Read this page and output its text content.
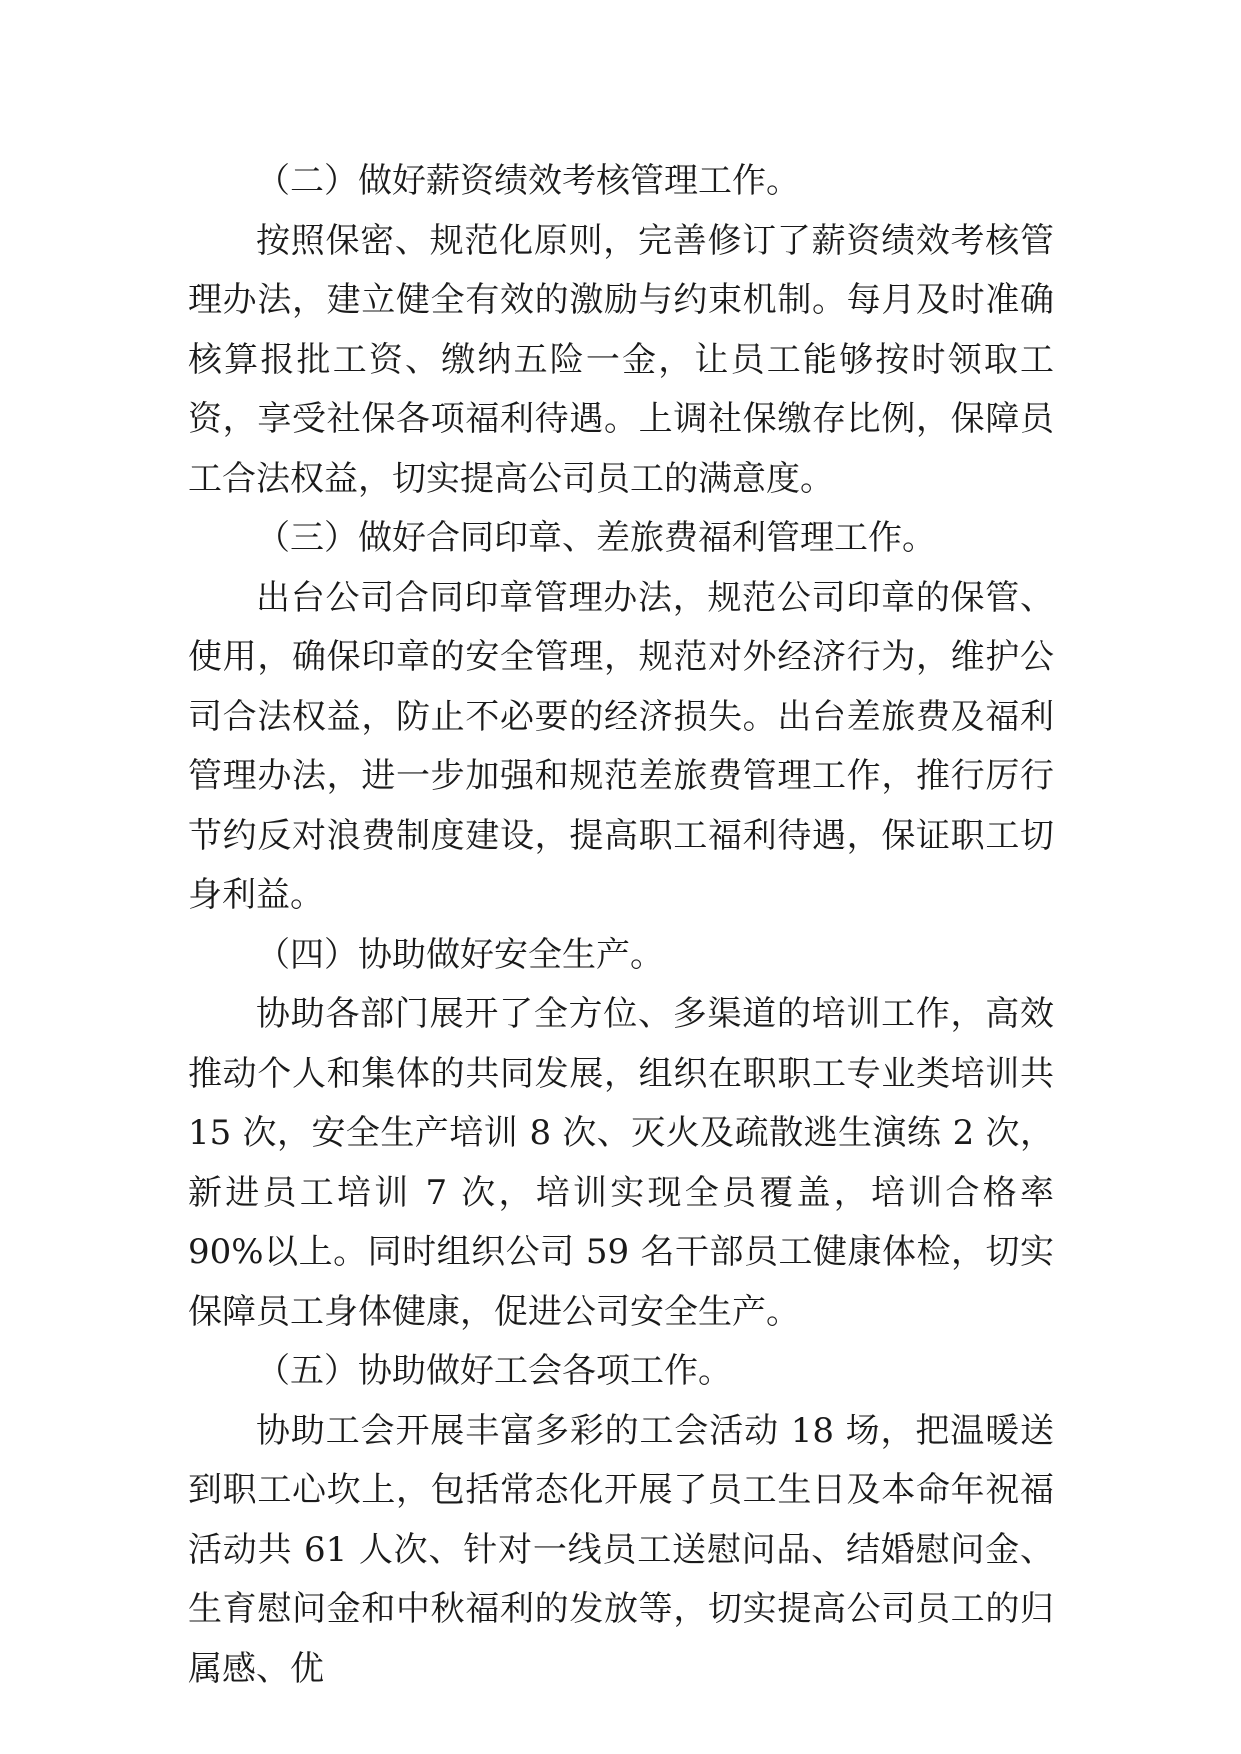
（二）做好薪资绩效考核管理工作。

按照保密、规范化原则，完善修订了薪资绩效考核管理办法，建立健全有效的激励与约束机制。每月及时准确核算报批工资、缴纳五险一金，让员工能够按时领取工资，享受社保各项福利待遇。上调社保缴存比例，保障员工合法权益，切实提高公司员工的满意度。

（三）做好合同印章、差旅费福利管理工作。

出台公司合同印章管理办法，规范公司印章的保管、使用，确保印章的安全管理，规范对外经济行为，维护公司合法权益，防止不必要的经济损失。出台差旅费及福利管理办法，进一步加强和规范差旅费管理工作，推行厉行节约反对浪费制度建设，提高职工福利待遇，保证职工切身利益。

（四）协助做好安全生产。

协助各部门展开了全方位、多渠道的培训工作，高效推动个人和集体的共同发展，组织在职职工专业类培训共 15 次，安全生产培训 8 次、灭火及疏散逃生演练 2 次，新进员工培训 7 次，培训实现全员覆盖，培训合格率 90%以上。同时组织公司 59 名干部员工健康体检，切实保障员工身体健康，促进公司安全生产。

（五）协助做好工会各项工作。

协助工会开展丰富多彩的工会活动 18 场，把温暖送到职工心坎上，包括常态化开展了员工生日及本命年祝福活动共 61 人次、针对一线员工送慰问品、结婚慰问金、生育慰问金和中秋福利的发放等，切实提高公司员工的归属感、优
